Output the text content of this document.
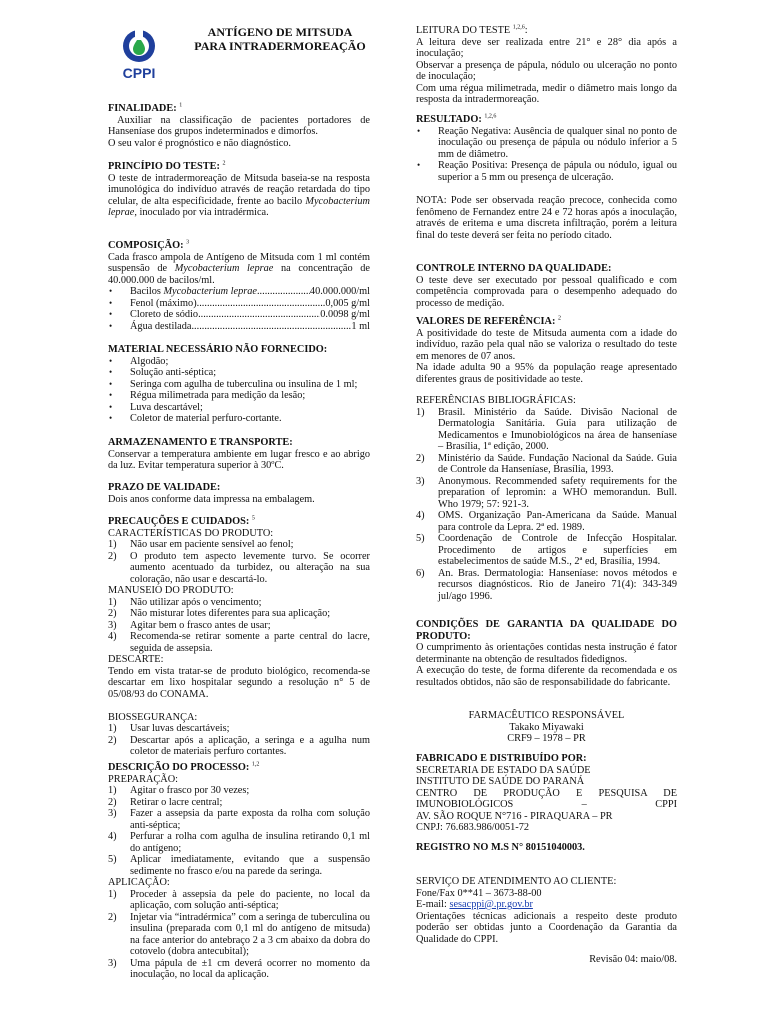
CPPI
ANTÍGENO DE MITSUDA
PARA INTRADERMOREAÇÃO
FINALIDADE: $^1$

Auxiliar na classificação de pacientes portadores de Hanseníase dos grupos indeterminados e dimorfos.

O seu valor é prognóstico e não diagnóstico.

PRINCÍPIO DO TESTE: $^2$

O teste de intradermoreação de Mitsuda baseia-se na resposta imunológica do indivíduo através de reação retardada do tipo celular, de alta especificidade, frente ao bacilo Mycobacterium leprae, inoculado por via intradérmica.

COMPOSIÇÃO: $^3$

Cada frasco ampola de Antígeno de Mitsuda com 1 ml contém suspensão de Mycobacterium leprae na concentração de 40.000.000 de bacilos/ml.

• Bacilos Mycobacterium leprae .....	40.000.000/ml
• Fenol (máximo) .....	0,005 g/ml
• Cloreto de sódio .....	0.0098 g/ml
• Água destilada .....	1 ml
MATERIAL NECESSÁRIO NÃO FORNECIDO:
• Algodão;
• Solução anti-séptica;
• Seringa com agulha de tuberculina ou insulina de 1 ml;
• Régua milimetrada para medição da lesão;
• Luva descartável;
• Coletor de material perfuro-cortante.
ARMAZENAMENTO E TRANSPORTE:

Conservar a temperatura ambiente em lugar fresco e ao abrigo da luz. Evitar temperatura superior à 30ºC.

PRAZO DE VALIDADE:

Dois anos conforme data impressa na embalagem.

PRECAUÇÕES E CUIDADOS: $^5$
CARACTERÍSTICAS DO PRODUTO:
1) Não usar em paciente sensível ao fenol;
2) O produto tem aspecto levemente turvo. Se ocorrer aumento acentuado da turbidez, ou alteração na sua coloração, não usar e descartá-lo.
MANUSEIO DO PRODUTO:
1) Não utilizar após o vencimento;
2) Não misturar lotes diferentes para sua aplicação;
3) Agitar bem o frasco antes de usar;
4) Recomenda-se retirar somente a parte central do lacre, seguida de assepsia.
DESCARTE:

Tendo em vista tratar-se de produto biológico, recomenda-se descartar em lixo hospitalar segundo a resolução n° 5 de 05/08/93 do CONAMA.

BIOSSEGURANÇA:
1) Usar luvas descartáveis;
2) Descartar após a aplicação, a seringa e a agulha num coletor de materiais perfuro cortantes.
DESCRIÇÃO DO PROCESSO: $^{1,2}$
PREPARAÇÃO:
1) Agitar o frasco por 30 vezes;
2) Retirar o lacre central;
3) Fazer a assepsia da parte exposta da rolha com solução anti-séptica;
4) Perfurar a rolha com agulha de insulina retirando 0,1 ml do antígeno;
5) Aplicar imediatamente, evitando que a suspensão sedimente no frasco e/ou na parede da seringa.
APLICAÇÃO:
1) Proceder à assepsia da pele do paciente, no local da aplicação, com solução anti-séptica;
2) Injetar via “intradérmica” com a seringa de tuberculina ou insulina (preparada com 0,1 ml do antígeno de mitsuda) na face anterior do antebraço 2 a 3 cm abaixo da dobra do cotovelo (dobra antecubital);
3) Uma pápula de ±1 cm deverá ocorrer no momento da inoculação, no local da aplicação.
LEITURA DO TESTE $^{1,2,6}$:

A leitura deve ser realizada entre 21° e 28° dia após a inoculação;

Observar a presença de pápula, nódulo ou ulceração no ponto de inoculação;

Com uma régua milimetrada, medir o diâmetro mais longo da resposta da intradermoreação.

RESULTADO: $^{1,2,6}$
• Reação Negativa: Ausência de qualquer sinal no ponto de inoculação ou presença de pápula ou nódulo inferior a 5 mm de diâmetro.
• Reação Positiva: Presença de pápula ou nódulo, igual ou superior a 5 mm ou presença de ulceração.

NOTA: Pode ser observada reação precoce, conhecida como fenômeno de Fernandez entre 24 e 72 horas após a inoculação, através de eritema e uma discreta infiltração, porém a leitura final do teste deverá ser feita no período citado.

CONTROLE INTERNO DA QUALIDADE:

O teste deve ser executado por pessoal qualificado e com competência comprovada para o desempenho adequado do processo de medição.

VALORES DE REFERÊNCIA: $^2$

A positividade do teste de Mitsuda aumenta com a idade do indivíduo, razão pela qual não se valoriza o resultado do teste em menores de 07 anos.

Na idade adulta 90 a 95% da população reage apresentado diferentes graus de positividade ao teste.

REFERÊNCIAS BIBLIOGRÁFICAS:
1) Brasil. Ministério da Saúde. Divisão Nacional de Dermatologia Sanitária. Guia para utilização de Medicamentos e Imunobiológicos na área de hanseníase – Brasília, 1ª edição, 2000.
2) Ministério da Saúde. Fundação Nacional da Saúde. Guia de Controle da Hanseníase, Brasília, 1993.
3) Anonymous. Recommended safety requirements for the preparation of lepromin: a WHO memorandun. Bull. Who 1979; 57: 921-3.
4) OMS. Organização Pan-Americana da Saúde. Manual para controle da Lepra. 2ª ed. 1989.
5) Coordenação de Controle de Infecção Hospitalar. Procedimento de artigos e superfícies em estabelecimentos de saúde M.S., 2ª ed, Brasília, 1994.
6) An. Bras. Dermatologia: Hanseníase: novos métodos e recursos diagnósticos. Rio de Janeiro 71(4): 343-349 jul/ago 1996.
CONDIÇÕES DE GARANTIA DA QUALIDADE DO PRODUTO:

O cumprimento às orientações contidas nesta instrução é fator determinante na obtenção de resultados fidedignos.

A execução do teste, de forma diferente da recomendada e os resultados obtidos, não são de responsabilidade do fabricante.

FARMACÊUTICO RESPONSÁVEL
Takako Miyawaki
CRF9 – 1978 – PR
FABRICADO E DISTRIBUÍDO POR:

SECRETARIA DE ESTADO DA SAÚDE

INSTITUTO DE SAÚDE DO PARANÁ

CENTRO DE PRODUÇÃO E PESQUISA DE IMUNOBIOLÓGICOS – CPPI

AV. SÃO ROQUE N°716 - PIRAQUARA – PR

CNPJ: 76.683.986/0051-72

REGISTRO NO M.S N° 80151040003.
SERVIÇO DE ATENDIMENTO AO CLIENTE:
Fone/Fax 0**41 – 3673-88-00
E-mail: sesacppi@.pr.gov.br

Orientações técnicas adicionais a respeito deste produto poderão ser obtidas junto a Coordenação da Garantia da Qualidade do CPPI.

Revisão 04: maio/08.
